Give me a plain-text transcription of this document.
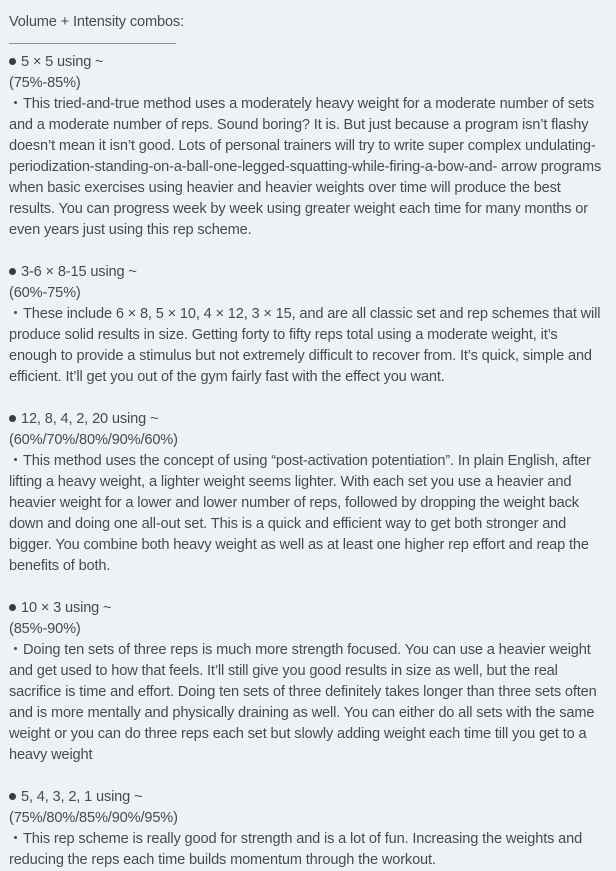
Volume + Intensity combos:

5 × 5 using ~

(75%-85%)

This tried-and-true method uses a moderately heavy weight for a moderate number of sets and a moderate number of reps. Sound boring? It is. But just because a program isn’t flashy doesn’t mean it isn’t good. Lots of personal trainers will try to write super complex undulating-periodization-standing-on-a-ball-one-legged-squatting-while-firing-a-bow-and- arrow programs when basic exercises using heavier and heavier weights over time will produce the best results. You can progress week by week using greater weight each time for many months or even years just using this rep scheme.

3-6 × 8-15 using ~

(60%-75%)

These include 6 × 8, 5 × 10, 4 × 12, 3 × 15, and are all classic set and rep schemes that will produce solid results in size. Getting forty to fifty reps total using a moderate weight, it’s enough to provide a stimulus but not extremely difficult to recover from. It’s quick, simple and efficient. It’ll get you out of the gym fairly fast with the effect you want.

12, 8, 4, 2, 20 using ~

(60%/70%/80%/90%/60%)

This method uses the concept of using “post-activation potentiation”. In plain English, after lifting a heavy weight, a lighter weight seems lighter. With each set you use a heavier and heavier weight for a lower and lower number of reps, followed by dropping the weight back down and doing one all-out set. This is a quick and efficient way to get both stronger and bigger. You combine both heavy weight as well as at least one higher rep effort and reap the benefits of both.

10 × 3 using ~

(85%-90%)

Doing ten sets of three reps is much more strength focused. You can use a heavier weight and get used to how that feels. It’ll still give you good results in size as well, but the real sacrifice is time and effort. Doing ten sets of three definitely takes longer than three sets often and is more mentally and physically draining as well. You can either do all sets with the same weight or you can do three reps each set but slowly adding weight each time till you get to a heavy weight

5, 4, 3, 2, 1 using ~

(75%/80%/85%/90%/95%)

This rep scheme is really good for strength and is a lot of fun. Increasing the weights and reducing the reps each time builds momentum through the workout.
